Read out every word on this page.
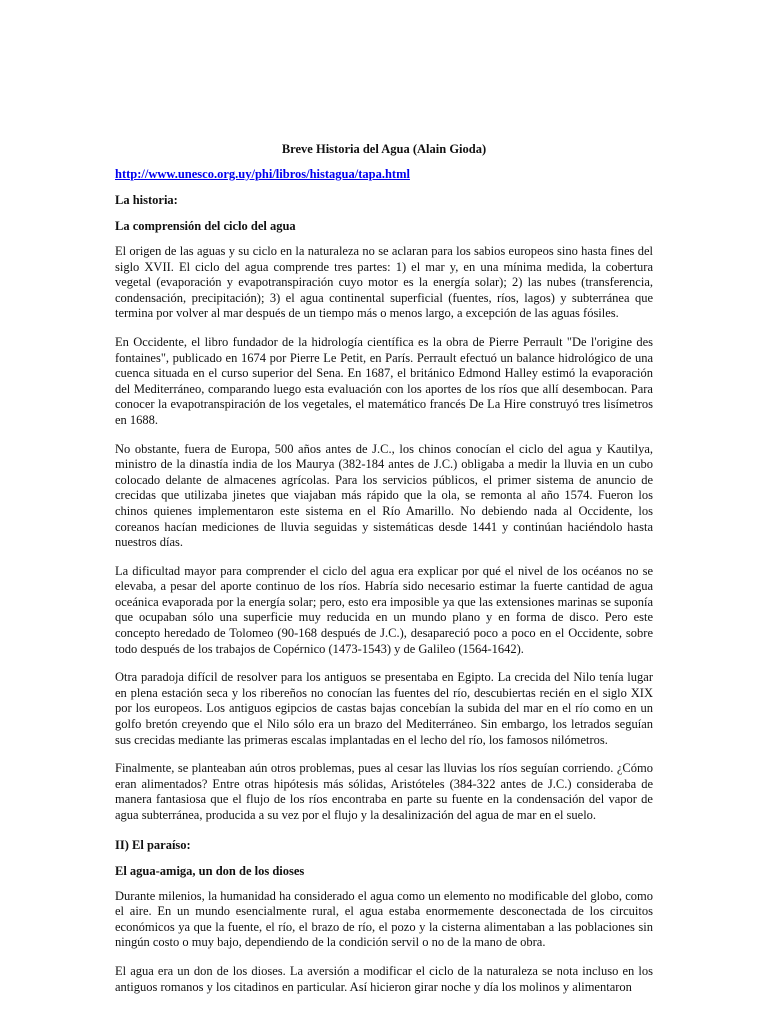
Breve Historia del Agua (Alain Gioda)
http://www.unesco.org.uy/phi/libros/histagua/tapa.html
La historia:
La comprensión del ciclo del agua

El origen de las aguas y su ciclo en la naturaleza no se aclaran para los sabios europeos sino hasta fines del siglo XVII. El ciclo del agua comprende tres partes: 1) el mar y, en una mínima medida, la cobertura vegetal (evaporación y evapotranspiración cuyo motor es la energía solar); 2) las nubes (transferencia, condensación, precipitación); 3) el agua continental superficial (fuentes, ríos, lagos) y subterránea que termina por volver al mar después de un tiempo más o menos largo, a excepción de las aguas fósiles.

En Occidente, el libro fundador de la hidrología científica es la obra de Pierre Perrault "De l'origine des fontaines", publicado en 1674 por Pierre Le Petit, en París. Perrault efectuó un balance hidrológico de una cuenca situada en el curso superior del Sena. En 1687, el británico Edmond Halley estimó la evaporación del Mediterráneo, comparando luego esta evaluación con los aportes de los ríos que allí desembocan. Para conocer la evapotranspiración de los vegetales, el matemático francés De La Hire construyó tres lisímetros en 1688.

No obstante, fuera de Europa, 500 años antes de J.C., los chinos conocían el ciclo del agua y Kautilya, ministro de la dinastía india de los Maurya (382-184 antes de J.C.) obligaba a medir la lluvia en un cubo colocado delante de almacenes agrícolas. Para los servicios públicos, el primer sistema de anuncio de crecidas que utilizaba jinetes que viajaban más rápido que la ola, se remonta al año 1574. Fueron los chinos quienes implementaron este sistema en el Río Amarillo. No debiendo nada al Occidente, los coreanos hacían mediciones de lluvia seguidas y sistemáticas desde 1441 y continúan haciéndolo hasta nuestros días.

La dificultad mayor para comprender el ciclo del agua era explicar por qué el nivel de los océanos no se elevaba, a pesar del aporte continuo de los ríos. Habría sido necesario estimar la fuerte cantidad de agua oceánica evaporada por la energía solar; pero, esto era imposible ya que las extensiones marinas se suponía que ocupaban sólo una superficie muy reducida en un mundo plano y en forma de disco. Pero este concepto heredado de Tolomeo (90-168 después de J.C.), desapareció poco a poco en el Occidente, sobre todo después de los trabajos de Copérnico (1473-1543) y de Galileo (1564-1642).

Otra paradoja difícil de resolver para los antiguos se presentaba en Egipto. La crecida del Nilo tenía lugar en plena estación seca y los ribereños no conocían las fuentes del río, descubiertas recién en el siglo XIX por los europeos. Los antiguos egipcios de castas bajas concebían la subida del mar en el río como en un golfo bretón creyendo que el Nilo sólo era un brazo del Mediterráneo. Sin embargo, los letrados seguían sus crecidas mediante las primeras escalas implantadas en el lecho del río, los famosos nilómetros.

Finalmente, se planteaban aún otros problemas, pues al cesar las lluvias los ríos seguían corriendo. ¿Cómo eran alimentados? Entre otras hipótesis más sólidas, Aristóteles (384-322 antes de J.C.) consideraba de manera fantasiosa que el flujo de los ríos encontraba en parte su fuente en la condensación del vapor de agua subterránea, producida a su vez por el flujo y la desalinización del agua de mar en el suelo.

II) El paraíso:
El agua-amiga, un don de los dioses

Durante milenios, la humanidad ha considerado el agua como un elemento no modificable del globo, como el aire. En un mundo esencialmente rural, el agua estaba enormemente desconectada de los circuitos económicos ya que la fuente, el río, el brazo de río, el pozo y la cisterna alimentaban a las poblaciones sin ningún costo o muy bajo, dependiendo de la condición servil o no de la mano de obra.

El agua era un don de los dioses. La aversión a modificar el ciclo de la naturaleza se nota incluso en los antiguos romanos y los citadinos en particular. Así hicieron girar noche y día los molinos y alimentaron
